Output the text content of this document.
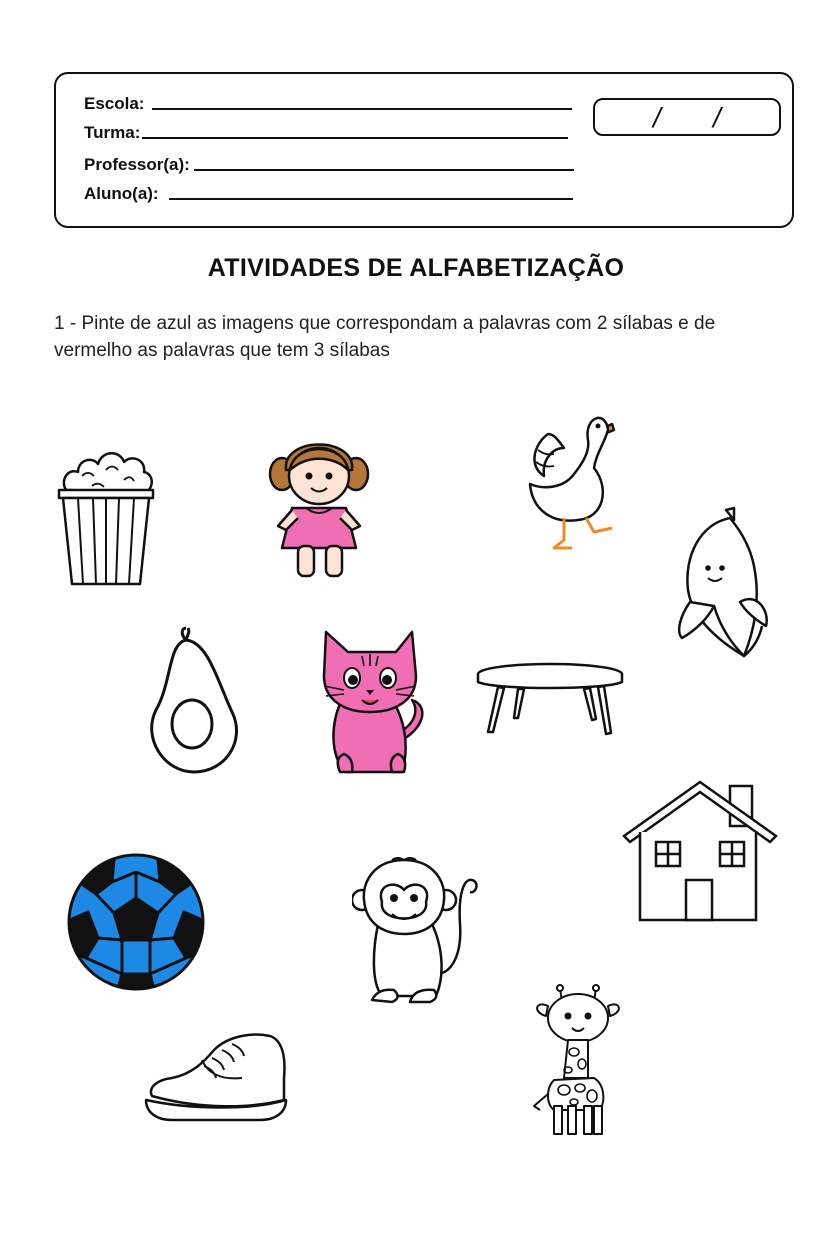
Escola:
Turma:
Professor(a):
Aluno(a):
/ /
ATIVIDADES DE ALFABETIZAÇÃO
1 - Pinte de azul as imagens que correspondam a palavras com 2 sílabas e de vermelho as palavras que tem 3 sílabas
